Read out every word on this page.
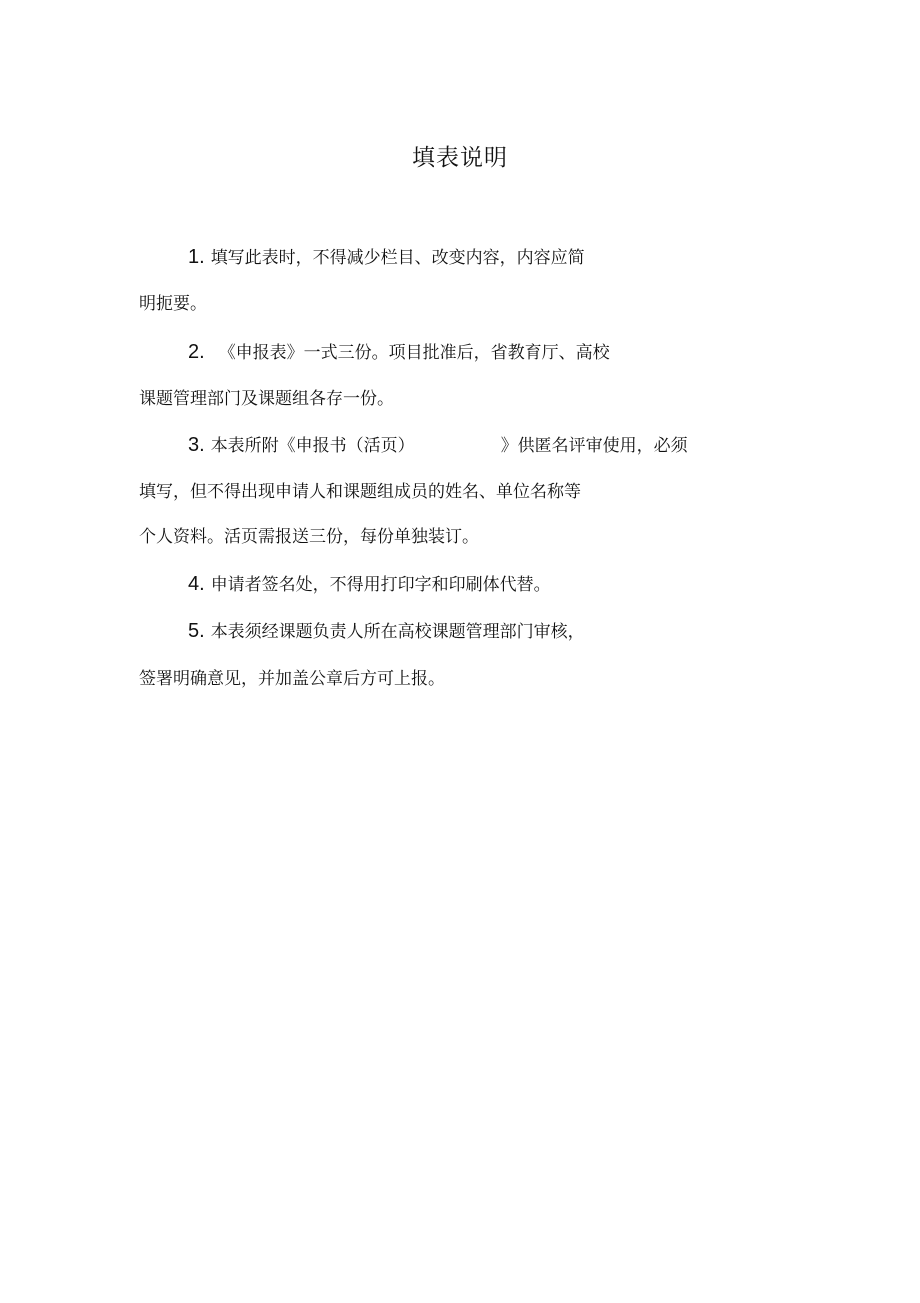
填表说明
1. 填写此表时，不得减少栏目、改变内容，内容应简
明扼要。
2. 《申报表》一式三份。项目批准后，省教育厅、高校
课题管理部门及课题组各存一份。
3. 本表所附《申报书（活页）	》供匿名评审使用，必须
填写，但不得出现申请人和课题组成员的姓名、单位名称等
个人资料。活页需报送三份，每份单独装订。
4. 申请者签名处，不得用打印字和印刷体代替。
5. 本表须经课题负责人所在高校课题管理部门审核，
签署明确意见，并加盖公章后方可上报。
